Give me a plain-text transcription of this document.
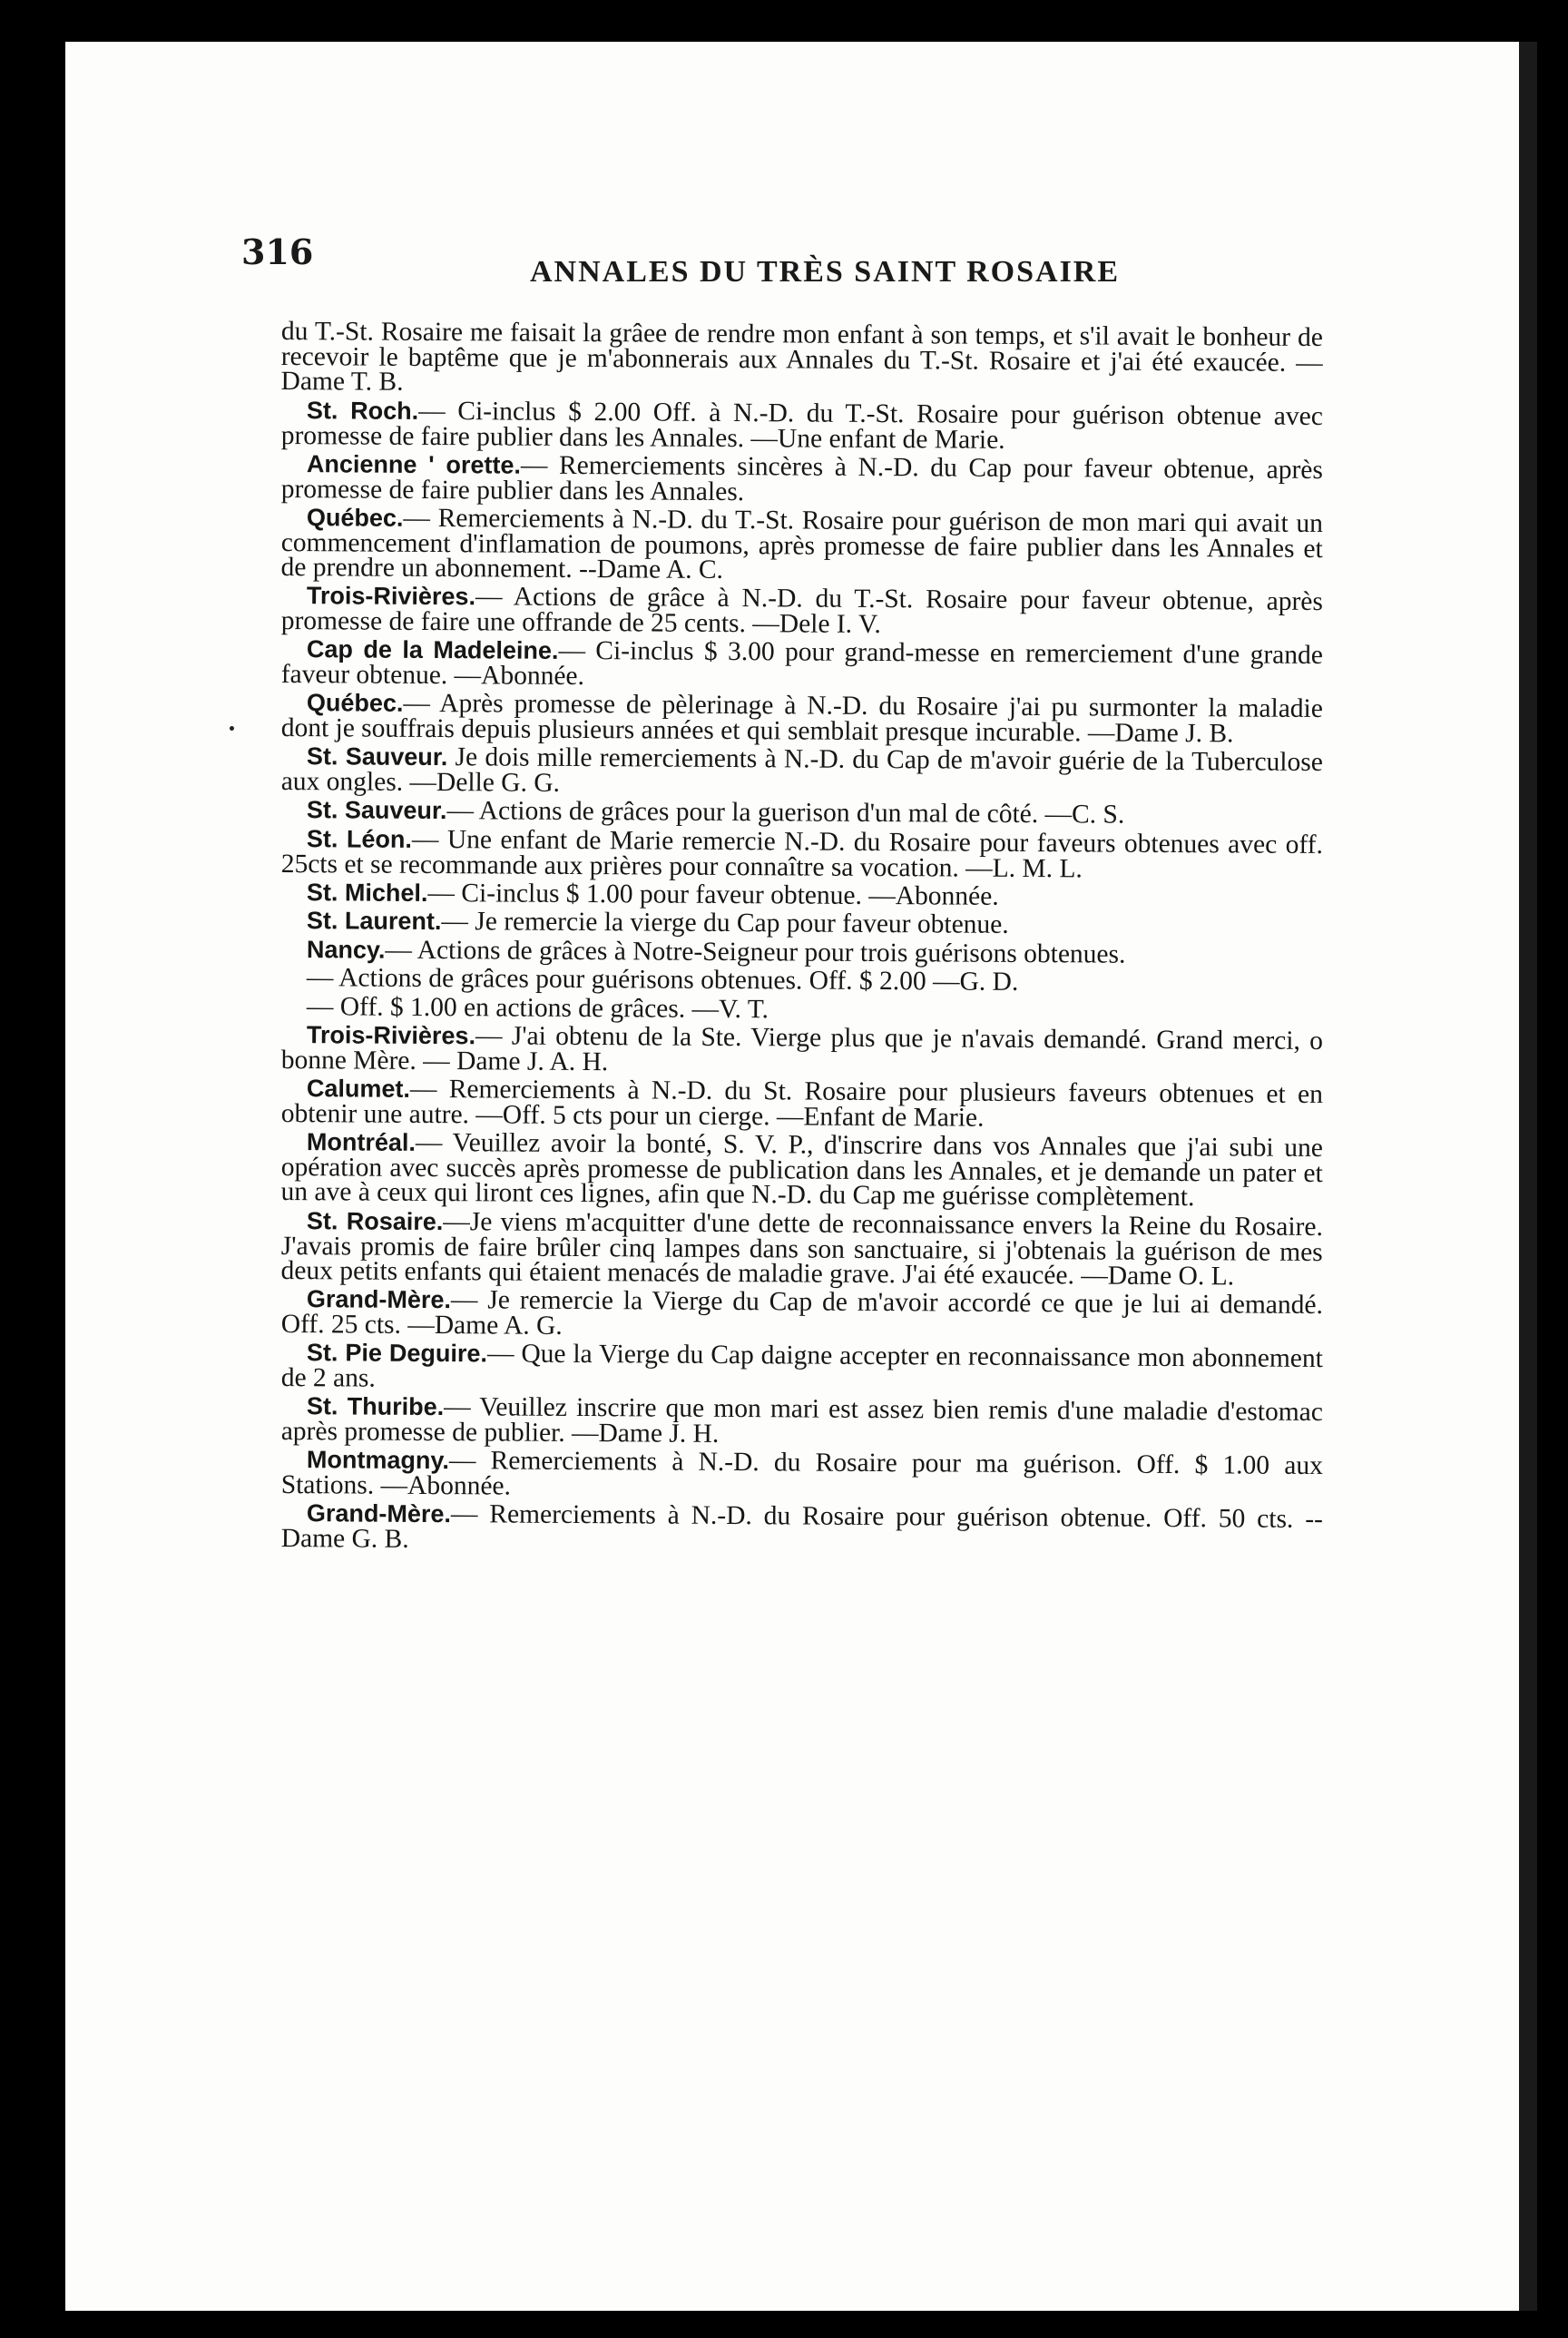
316	ANNALES DU TRÈS SAINT ROSAIRE

du T.-St. Rosaire me faisait la grâee de rendre mon enfant à son temps, et s'il avait le bonheur de recevoir le baptême que je m'abonnerais aux Annales du T.-St. Rosaire et j'ai été exaucée. —Dame T. B.

St. Roch.— Ci-inclus $ 2.00 Off. à N.-D. du T.-St. Rosaire pour guérison obtenue avec promesse de faire publier dans les Annales. —Une enfant de Marie.

Ancienne ' orette.— Remerciements sincères à N.-D. du Cap pour faveur obtenue, après promesse de faire publier dans les Annales.

Québec.— Remerciements à N.-D. du T.-St. Rosaire pour guérison de mon mari qui avait un commencement d'inflamation de poumons, après promesse de faire publier dans les Annales et de prendre un abonnement. --Dame A. C.

Trois-Rivières.— Actions de grâce à N.-D. du T.-St. Rosaire pour faveur obtenue, après promesse de faire une offrande de 25 cents. —Dele I. V.

Cap de la Madeleine.— Ci-inclus $ 3.00 pour grand-messe en remerciement d'une grande faveur obtenue. —Abonnée.

Québec.— Après promesse de pèlerinage à N.-D. du Rosaire j'ai pu surmonter la maladie dont je souffrais depuis plusieurs années et qui semblait presque incurable. —Dame J. B.

St. Sauveur. Je dois mille remerciements à N.-D. du Cap de m'avoir guérie de la Tuberculose aux ongles. —Delle G. G.

St. Sauveur.— Actions de grâces pour la guerison d'un mal de côté. —C. S.

St. Léon.— Une enfant de Marie remercie N.-D. du Rosaire pour faveurs obtenues avec off. 25cts et se recommande aux prières pour connaître sa vocation. —L. M. L.

St. Michel.— Ci-inclus $ 1.00 pour faveur obtenue. —Abonnée.

St. Laurent.— Je remercie la vierge du Cap pour faveur obtenue.

Nancy.— Actions de grâces à Notre-Seigneur pour trois guérisons obtenues.

— Actions de grâces pour guérisons obtenues. Off. $ 2.00 —G. D.

— Off. $ 1.00 en actions de grâces. —V. T.

Trois-Rivières.— J'ai obtenu de la Ste. Vierge plus que je n'avais demandé. Grand merci, o bonne Mère. — Dame J. A. H.

Calumet.— Remerciements à N.-D. du St. Rosaire pour plusieurs faveurs obtenues et en obtenir une autre. —Off. 5 cts pour un cierge. —Enfant de Marie.

Montréal.— Veuillez avoir la bonté, S. V. P., d'inscrire dans vos Annales que j'ai subi une opération avec succès après promesse de publication dans les Annales, et je demande un pater et un ave à ceux qui liront ces lignes, afin que N.-D. du Cap me guérisse complètement.

St. Rosaire.—Je viens m'acquitter d'une dette de reconnaissance envers la Reine du Rosaire. J'avais promis de faire brûler cinq lampes dans son sanctuaire, si j'obtenais la guérison de mes deux petits enfants qui étaient menacés de maladie grave. J'ai été exaucée. —Dame O. L.

Grand-Mère.— Je remercie la Vierge du Cap de m'avoir accordé ce que je lui ai demandé. Off. 25 cts. —Dame A. G.

St. Pie Deguire.— Que la Vierge du Cap daigne accepter en reconnaissance mon abonnement de 2 ans.

St. Thuribe.— Veuillez inscrire que mon mari est assez bien remis d'une maladie d'estomac après promesse de publier. —Dame J. H.

Montmagny.— Remerciements à N.-D. du Rosaire pour ma guérison. Off. $ 1.00 aux Stations. —Abonnée.

Grand-Mère.— Remerciements à N.-D. du Rosaire pour guérison obtenue. Off. 50 cts. --Dame G. B.
